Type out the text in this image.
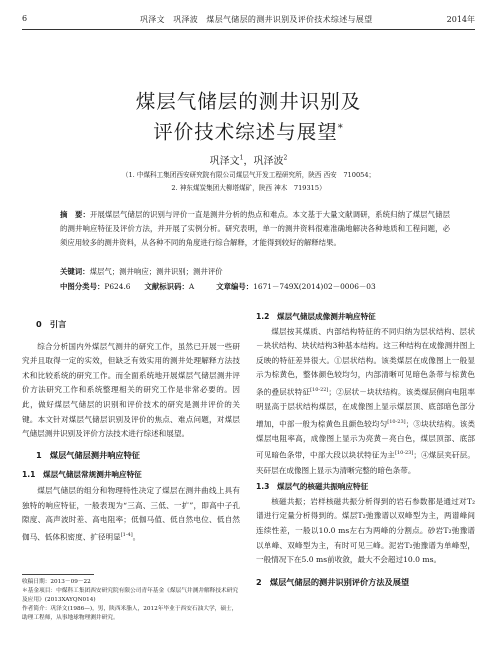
6	巩泽文　巩泽波　煤层气储层的测井识别及评价技术综述与展望	2014年
煤层气储层的测井识别及
评价技术综述与展望*
巩泽文$^1$，巩泽波$^2$
（1. 中煤科工集团西安研究院有限公司煤层气开发工程研究所，陕西 西安　710054；
2. 神东煤炭集团大柳塔煤矿，陕西 神木　719315）
摘　要：开展煤层气储层的识别与评价一直是测井分析的热点和难点。本文基于大量文献调研，系统归纳了煤层气储层的测井响应特征及评价方法，并开展了实例分析。研究表明，单一的测井资料很难准确地解决各种地质和工程问题，必须应用较多的测井资料，从各种不同的角度进行综合解释，才能得到较好的解释结果。
关键词：煤层气；测井响应；测井识别；测井评价
中图分类号：P624.6 文献标识码：A	文章编号：1671－749X(2014)02－0006－03
0　引言

综合分析国内外煤层气测井的研究工作，虽然已开展一些研究并且取得一定的实效，但缺乏有效实用的测井处理解释方法技术和比较系统的研究工作。而全面系统地开展煤层气储层测井评价方法研究工作和系统整理相关的研究工作是非常必要的。因此，做好煤层气储层的识别和评价技术的研究是测井评价的关键。本文针对煤层气储层识别及评价的焦点、难点问题，对煤层气储层测井识别及评价方法技术进行综述和展望。

1　煤层气储层测井响应特征
1.1　煤层气储层常规测井响应特征

煤层气储层的组分和物理特性决定了煤层在测井曲线上具有独特的响应特征，一般表现为“三高、三低、一扩”，即高中子孔隙度、高声波时差、高电阻率；低伽马值、低自然电位、低自然伽马、低体积密度、扩径明显[1-4]。

收稿日期：2013－09－22

＊基金项目：中煤科工集团西安研究院有限公司青年基金《煤层气井测井解释技术研究及应用》(2013XAYQN014)

作者简介：巩泽文(1986—)，男，陕西米脂人，2012年毕业于西安石油大学，硕士，助理工程师，从事地球物理测井研究。

1.2　煤层气储层成像测井响应特征

煤层按其煤质、内部结构特征的不同归纳为层状结构、层状－块状结构、块状结构3种基本结构。这三种结构在成像测井图上反映的特征差异很大。①层状结构。该类煤层在成像图上一般显示为棕黄色，整体颜色较均匀，内部清晰可见暗色条带与棕黄色条的叠层状特征[10-22]；②层状－块状结构。该类煤层侧向电阻率明显高于层状结构煤层，在成像图上显示煤层顶、底部暗色部分增加，中部一般为棕黄色且颜色较均匀[10-23]；③块状结构。该类煤层电阻率高，成像图上显示为亮黄－亮白色，煤层顶部、底部可见暗色条带，中部大段以块状特征为主[10-23]；④煤层夹矸层。夹矸层在成像图上显示为清晰完整的暗色条带。

1.3　煤层气的核磁共振响应特征

核磁共振；岩样核磁共振分析得到的岩石参数都是通过对T₂谱进行定量分析得到的。煤层T₂弛豫谱以双峰型为主，两谱峰间连续性差，一般以10.0 ms左右为两峰的分割点。砂岩T₂弛豫谱以单峰、双峰型为主，有时可见三峰。泥岩T₂弛豫谱为单峰型，一般情况下在5.0 ms前收敛，最大不会超过10.0 ms。

2　煤层气储层的测井识别评价方法及展望
